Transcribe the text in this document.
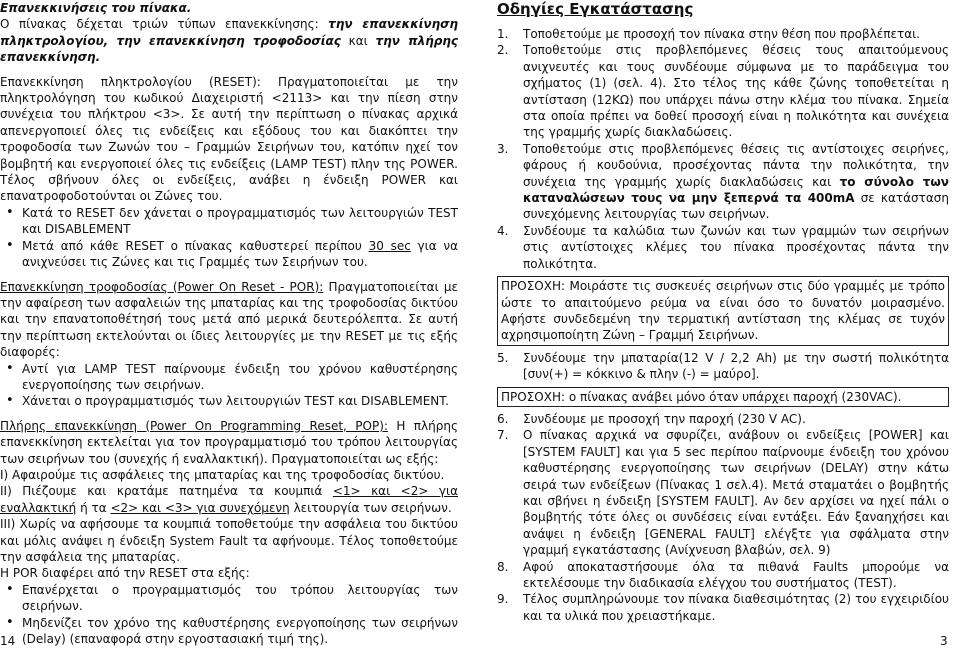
Επανεκκινήσεις του πίνακα.

Ο πίνακας δέχεται τριών τύπων επανεκκίνησης: την επανεκκίνηση πληκτρολογίου, την επανεκκίνηση τροφοδοσίας και την πλήρης επανεκκίνηση.

Επανεκκίνηση πληκτρολογίου (RESET): Πραγματοποιείται με την πληκτρολόγηση του κωδικού Διαχειριστή <2113> και την πίεση στην συνέχεια του πλήκτρου <3>. Σε αυτή την περίπτωση ο πίνακας αρχικά απενεργοποιεί όλες τις ενδείξεις και εξόδους του και διακόπτει την τροφοδοσία των Ζωνών του – Γραμμών Σειρήνων του, κατόπιν ηχεί τον βομβητή και ενεργοποιεί όλες τις ενδείξεις (LAMP TEST) πλην της POWER. Τέλος σβήνουν όλες οι ενδείξεις, ανάβει η ένδειξη POWER και επανατροφοδοτούνται οι Ζώνες του.

• Κατά το RESET δεν χάνεται ο προγραμματισμός των λειτουργιών TEST και DISABLEMENT
• Μετά από κάθε RESET ο πίνακας καθυστερεί περίπου 30 sec για να ανιχνεύσει τις Ζώνες και τις Γραμμές των Σειρήνων του.

Επανεκκίνηση τροφοδοσίας (Power On Reset - POR): Πραγματοποιείται με την αφαίρεση των ασφαλειών της μπαταρίας και της τροφοδοσίας δικτύου και την επανατοποθέτησή τους μετά από μερικά δευτερόλεπτα. Σε αυτή την περίπτωση εκτελούνται οι ίδιες λειτουργίες με την RESET με τις εξής διαφορές:

• Αντί για LAMP TEST παίρνουμε ένδειξη του χρόνου καθυστέρησης ενεργοποίησης των σειρήνων.
• Χάνεται ο προγραμματισμός των λειτουργιών TEST και DISABLEMENT.

Πλήρης επανεκκίνηση (Power On Programming Reset, POP): Η πλήρης επανεκκίνηση εκτελείται για τον προγραμματισμό του τρόπου λειτουργίας των σειρήνων του (συνεχής ή εναλλακτική). Πραγματοποιείται ως εξής:

I) Αφαιρούμε τις ασφάλειες της μπαταρίας και της τροφοδοσίας δικτύου.

II) Πιέζουμε και κρατάμε πατημένα τα κουμπιά <1> και <2> για εναλλακτική ή τα <2> και <3> για συνεχόμενη λειτουργία των σειρήνων.

III) Χωρίς να αφήσουμε τα κουμπιά τοποθετούμε την ασφάλεια του δικτύου και μόλις ανάψει η ένδειξη System Fault τα αφήνουμε. Τέλος τοποθετούμε την ασφάλεια της μπαταρίας.

Η POR διαφέρει από την RESET στα εξής:

• Επανέρχεται ο προγραμματισμός του τρόπου λειτουργίας των σειρήνων.
• Μηδενίζει τον χρόνο της καθυστέρησης ενεργοποίησης των σειρήνων (Delay) (επαναφορά στην εργοστασιακή τιμή της).

Οδηγίες Εγκατάστασης

1. Τοποθετούμε με προσοχή τον πίνακα στην θέση που προβλέπεται.
2. Τοποθετούμε στις προβλεπόμενες θέσεις τους απαιτούμενους ανιχνευτές και τους συνδέουμε σύμφωνα με το παράδειγμα του σχήματος (1) (σελ. 4). Στο τέλος της κάθε ζώνης τοποθετείται η αντίσταση (12ΚΩ) που υπάρχει πάνω στην κλέμα του πίνακα. Σημεία στα οποία πρέπει να δοθεί προσοχή είναι η πολικότητα και συνέχεια της γραμμής χωρίς διακλαδώσεις.
3. Τοποθετούμε στις προβλεπόμενες θέσεις τις αντίστοιχες σειρήνες, φάρους ή κουδούνια, προσέχοντας πάντα την πολικότητα, την συνέχεια της γραμμής χωρίς διακλαδώσεις και το σύνολο των καταναλώσεων τους να μην ξεπερνά τα 400mA σε κατάσταση συνεχόμενης λειτουργίας των σειρήνων.
4. Συνδέουμε τα καλώδια των ζωνών και των γραμμών των σειρήνων στις αντίστοιχες κλέμες του πίνακα προσέχοντας πάντα την πολικότητα.
ΠΡΟΣΟΧΗ: Μοιράστε τις συσκευές σειρήνων στις δύο γραμμές με τρόπο ώστε το απαιτούμενο ρεύμα να είναι όσο το δυνατόν μοιρασμένο. Αφήστε συνδεδεμένη την τερματική αντίσταση της κλέμας σε τυχόν αχρησιμοποίητη Ζώνη – Γραμμή Σειρήνων.
5. Συνδέουμε την μπαταρία(12 V / 2,2 Ah) με την σωστή πολικότητα [συν(+) = κόκκινο & πλην (-) = μαύρο].
ΠΡΟΣΟΧΗ: ο πίνακας ανάβει μόνο όταν υπάρχει παροχή (230VAC).
6. Συνδέουμε με προσοχή την παροχή (230 V AC).
7. Ο πίνακας αρχικά να σφυρίζει, ανάβουν οι ενδείξεις [POWER] και [SYSTEM FAULT] και για 5 sec περίπου παίρνουμε ένδειξη του χρόνου καθυστέρησης ενεργοποίησης των σειρήνων (DELAY) στην κάτω σειρά των ενδείξεων (Πίνακας 1 σελ.4). Μετά σταματάει ο βομβητής και σβήνει η ένδειξη [SYSTEM FAULT]. Αν δεν αρχίσει να ηχεί πάλι ο βομβητής τότε όλες οι συνδέσεις είναι εντάξει. Εάν ξαναηχήσει και ανάψει η ένδειξη [GENERAL FAULT] ελέγξτε για σφάλματα στην γραμμή εγκατάστασης (Ανίχνευση βλαβών, σελ. 9)
8. Αφού αποκαταστήσουμε όλα τα πιθανά Faults μπορούμε να εκτελέσουμε την διαδικασία ελέγχου του συστήματος (TEST).
9. Τέλος συμπληρώνουμε τον πίνακα διαθεσιμότητας (2) του εγχειριδίου και τα υλικά που χρειαστήκαμε.
14	3
